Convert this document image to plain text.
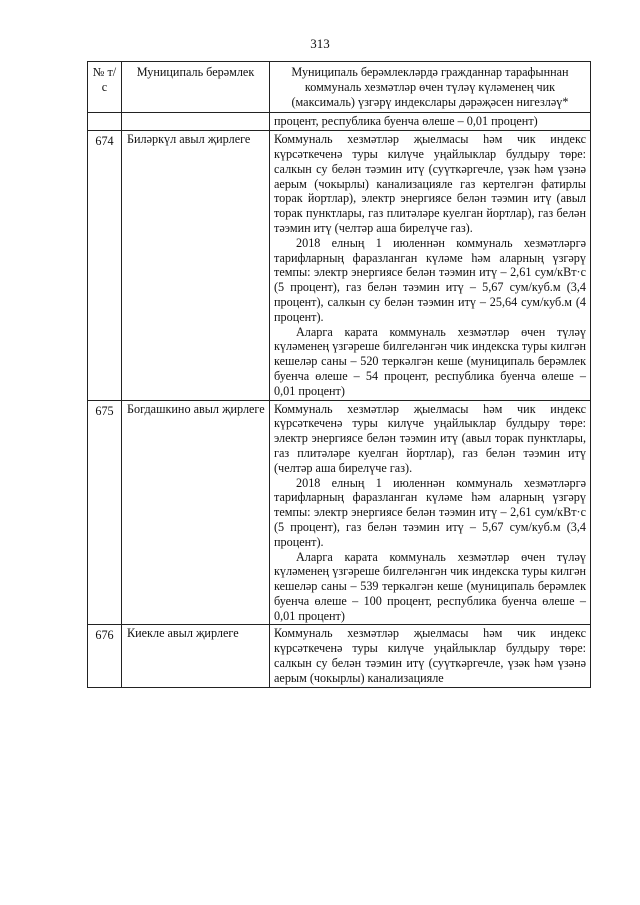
313
№ т/с	Муниципаль берәмлек	Муниципаль берәмлекләрдә гражданнар тарафыннан коммуналь хезмәтләр өчен түләү күләменең чик (максималь) үзгәрү индекслары дәрәҗәсен нигезләү*

		процент, республика буенча өлеше – 0,01 процент)

674	Биләркүл авыл җирлеге	Коммуналь хезмәтләр җыелмасы һәм чик индекс күрсәткеченә туры килүче уңайлыклар булдыру төре: салкын су белән тәэмин итү (суүткәргечле, үзәк һәм үзәнә аерым (чокырлы) канализацияле газ кертелгән фатирлы торак йортлар), электр энергиясе белән тәэмин итү (авыл торак пунктлары, газ плитәләре куелган йортлар), газ белән тәэмин итү (челтәр аша бирелүче газ).

2018 елның 1 июленнән коммуналь хезмәтләргә тарифларның фаразланган күләме һәм аларның үзгәрү темпы: электр энергиясе белән тәэмин итү – 2,61 сум/кВт·с (5 процент), газ белән тәэмин итү – 5,67 сум/куб.м (3,4 процент), салкын су белән тәэмин итү – 25,64 сум/куб.м (4 процент).

Аларга карата коммуналь хезмәтләр өчен түләү күләменең үзгәреше билгеләнгән чик индекска туры килгән кешеләр саны – 520 теркәлгән кеше (муниципаль берәмлек буенча өлеше – 54 процент, республика буенча өлеше – 0,01 процент)

675	Богдашкино авыл җирлеге	Коммуналь хезмәтләр җыелмасы һәм чик индекс күрсәткеченә туры килүче уңайлыклар булдыру төре: электр энергиясе белән тәэмин итү (авыл торак пунктлары, газ плитәләре куелган йортлар), газ белән тәэмин итү (челтәр аша бирелүче газ).

2018 елның 1 июленнән коммуналь хезмәтләргә тарифларның фаразланган күләме һәм аларның үзгәрү темпы: электр энергиясе белән тәэмин итү – 2,61 сум/кВт·с (5 процент), газ белән тәэмин итү – 5,67 сум/куб.м (3,4 процент).

Аларга карата коммуналь хезмәтләр өчен түләү күләменең үзгәреше билгеләнгән чик индекска туры килгән кешеләр саны – 539 теркәлгән кеше (муниципаль берәмлек буенча өлеше – 100 процент, республика буенча өлеше – 0,01 процент)

676	Киекле авыл җирлеге	Коммуналь хезмәтләр җыелмасы һәм чик индекс күрсәткеченә туры килүче уңайлыклар булдыру төре: салкын су белән тәэмин итү (суүткәргечле, үзәк һәм үзәнә аерым (чокырлы) канализацияле
